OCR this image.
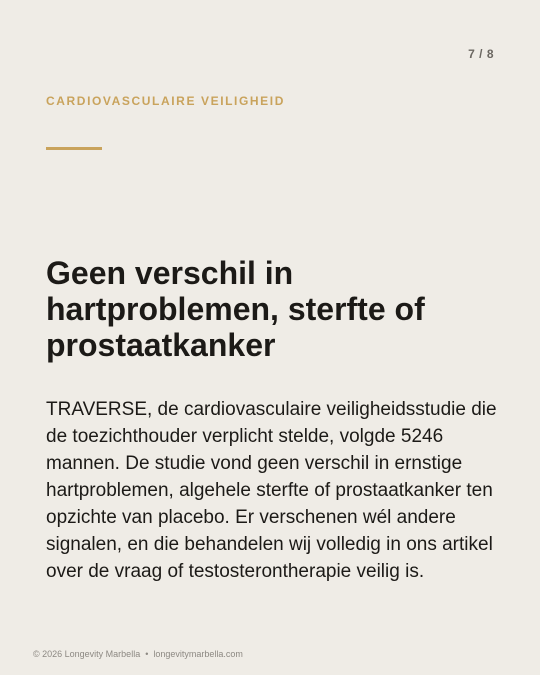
7 / 8
CARDIOVASCULAIRE VEILIGHEID
Geen verschil in hartproblemen, sterfte of prostaatkanker

TRAVERSE, de cardiovasculaire veiligheidsstudie die de toezichthouder verplicht stelde, volgde 5246 mannen. De studie vond geen verschil in ernstige hartproblemen, algehele sterfte of prostaatkanker ten opzichte van placebo. Er verschenen wél andere signalen, en die behandelen wij volledig in ons artikel over de vraag of testosterontherapie veilig is.

© 2026 Longevity Marbella • longevitymarbella.com
